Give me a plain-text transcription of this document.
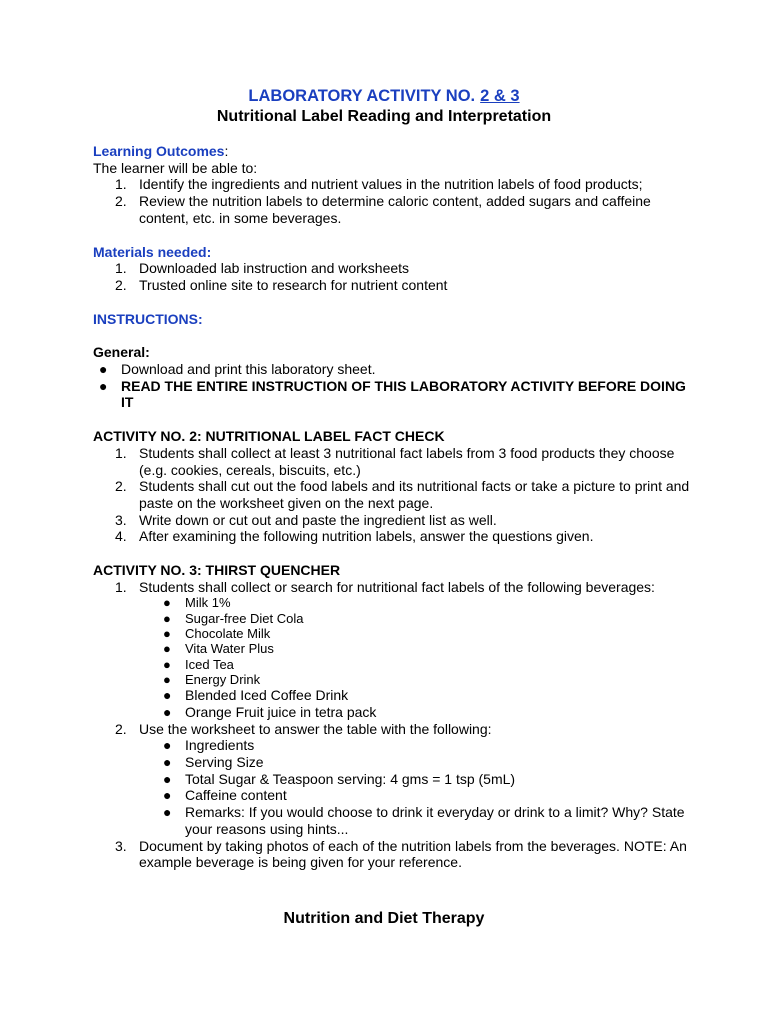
LABORATORY ACTIVITY NO. 2 & 3
Nutritional Label Reading and Interpretation
Learning Outcomes:
The learner will be able to:
1. Identify the ingredients and nutrient values in the nutrition labels of food products;
2. Review the nutrition labels to determine caloric content, added sugars and caffeine content, etc. in some beverages.
Materials needed:
1. Downloaded lab instruction and worksheets
2. Trusted online site to research for nutrient content
INSTRUCTIONS:
General:
● Download and print this laboratory sheet.
● READ THE ENTIRE INSTRUCTION OF THIS LABORATORY ACTIVITY BEFORE DOING IT
ACTIVITY NO. 2: NUTRITIONAL LABEL FACT CHECK
1. Students shall collect at least 3 nutritional fact labels from 3 food products they choose (e.g. cookies, cereals, biscuits, etc.)
2. Students shall cut out the food labels and its nutritional facts or take a picture to print and paste on the worksheet given on the next page.
3. Write down or cut out and paste the ingredient list as well.
4. After examining the following nutrition labels, answer the questions given.
ACTIVITY NO. 3: THIRST QUENCHER
1. Students shall collect or search for nutritional fact labels of the following beverages:
● Milk 1%
● Sugar-free Diet Cola
● Chocolate Milk
● Vita Water Plus
● Iced Tea
● Energy Drink
● Blended Iced Coffee Drink
● Orange Fruit juice in tetra pack
2. Use the worksheet to answer the table with the following:
● Ingredients
● Serving Size
● Total Sugar & Teaspoon serving: 4 gms = 1 tsp (5mL)
● Caffeine content
● Remarks: If you would choose to drink it everyday or drink to a limit? Why? State your reasons using hints...
3. Document by taking photos of each of the nutrition labels from the beverages. NOTE: An example beverage is being given for your reference.
Nutrition and Diet Therapy
